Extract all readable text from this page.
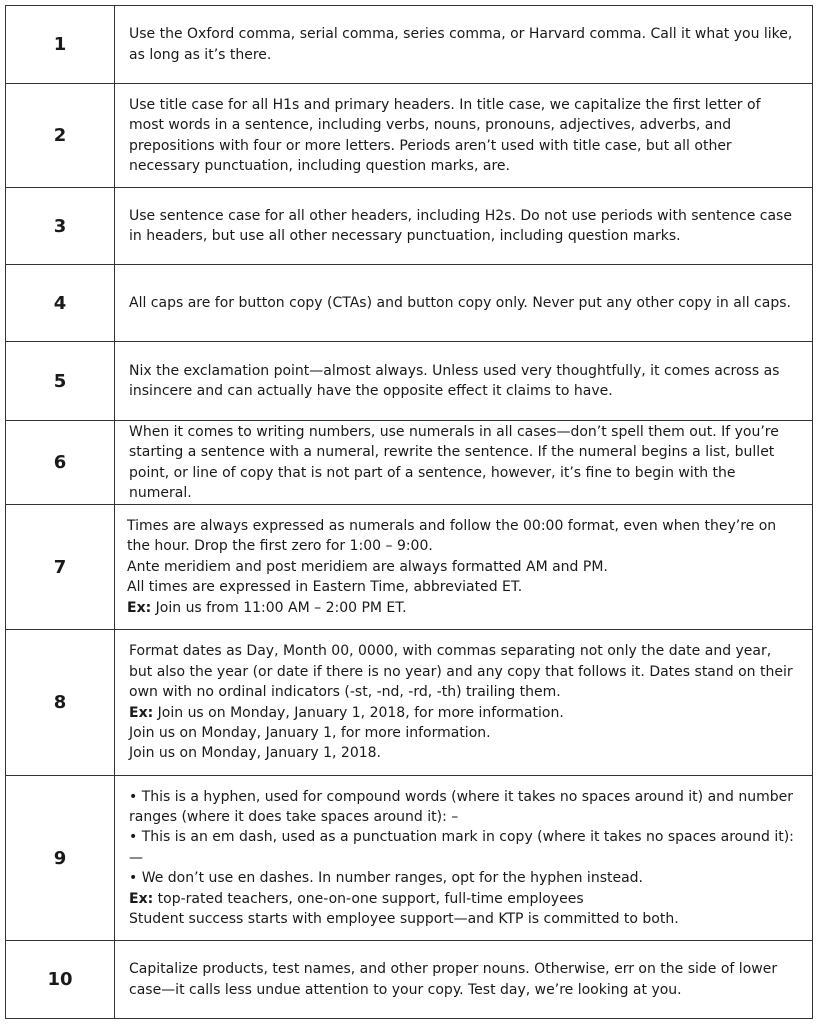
1	Use the Oxford comma, serial comma, series comma, or Harvard comma. Call it what you like, as long as it’s there.

2	Use title case for all H1s and primary headers. In title case, we capitalize the first letter of most words in a sentence, including verbs, nouns, pronouns, adjectives, adverbs, and prepositions with four or more letters. Periods aren’t used with title case, but all other necessary punctuation, including question marks, are.

3	Use sentence case for all other headers, including H2s. Do not use periods with sentence case in headers, but use all other necessary punctuation, including question marks.

4	All caps are for button copy (CTAs) and button copy only. Never put any other copy in all caps.

5	Nix the exclamation point—almost always. Unless used very thoughtfully, it comes across as insincere and can actually have the opposite effect it claims to have.

6	When it comes to writing numbers, use numerals in all cases—don’t spell them out. If you’re starting a sentence with a numeral, rewrite the sentence. If the numeral begins a list, bullet point, or line of copy that is not part of a sentence, however, it’s fine to begin with the numeral.

7	Times are always expressed as numerals and follow the 00:00 format, even when they’re on the hour. Drop the first zero for 1:00 – 9:00.
Ante meridiem and post meridiem are always formatted AM and PM.
All times are expressed in Eastern Time, abbreviated ET.
Ex: Join us from 11:00 AM – 2:00 PM ET.

8	Format dates as Day, Month 00, 0000, with commas separating not only the date and year, but also the year (or date if there is no year) and any copy that follows it. Dates stand on their own with no ordinal indicators (-st, -nd, -rd, -th) trailing them.
Ex: Join us on Monday, January 1, 2018, for more information.
Join us on Monday, January 1, for more information.
Join us on Monday, January 1, 2018.

9	• This is a hyphen, used for compound words (where it takes no spaces around it) and number ranges (where it does take spaces around it): –
• This is an em dash, used as a punctuation mark in copy (where it takes no spaces around it): —
• We don’t use en dashes. In number ranges, opt for the hyphen instead.
Ex: top-rated teachers, one-on-one support, full-time employees
Student success starts with employee support—and KTP is committed to both.

10	Capitalize products, test names, and other proper nouns. Otherwise, err on the side of lower case—it calls less undue attention to your copy. Test day, we’re looking at you.
